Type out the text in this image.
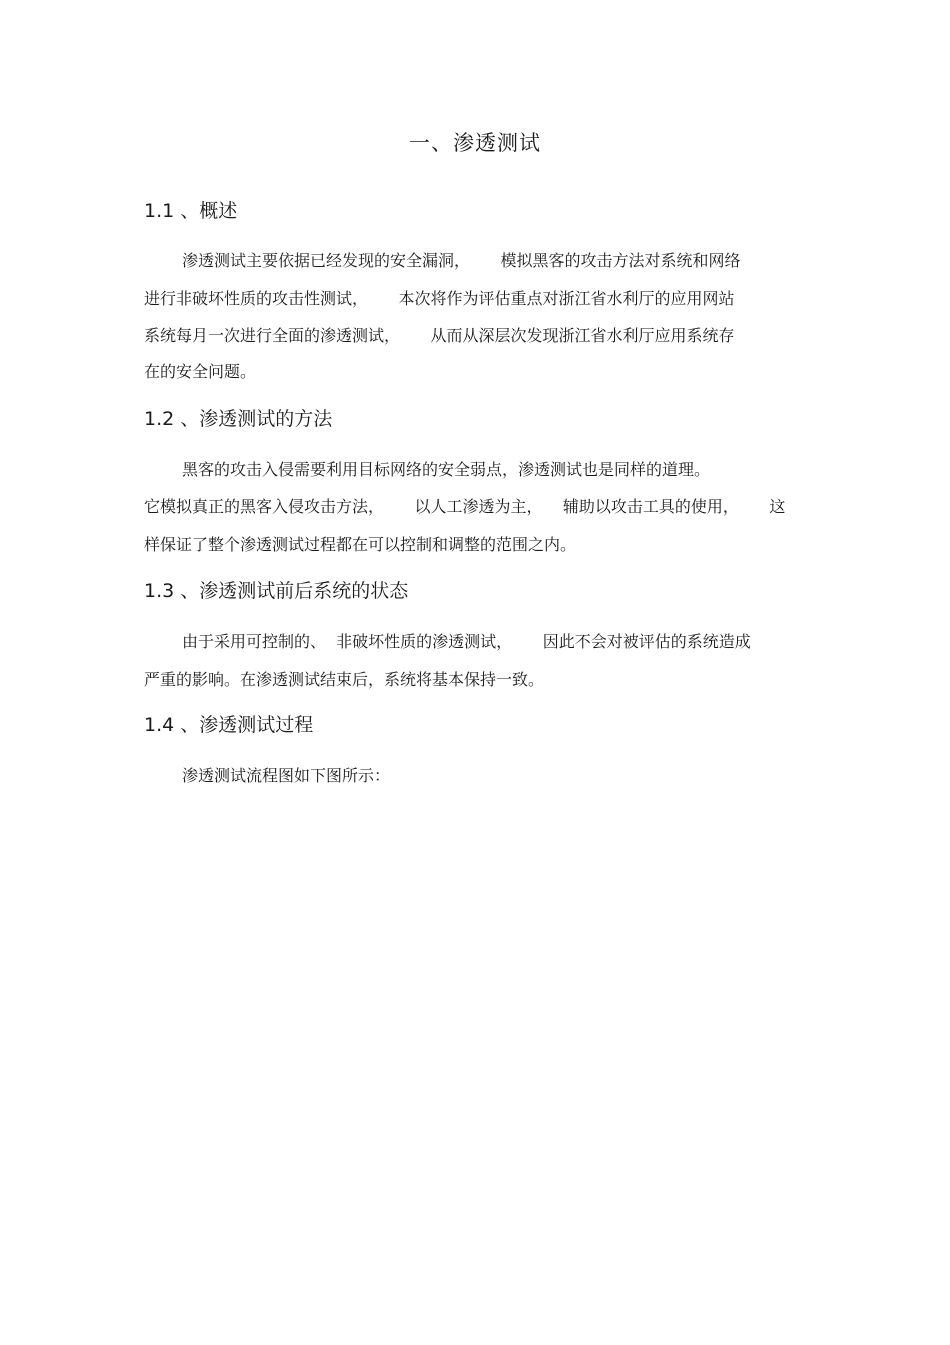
一、渗透测试
1.1 、概述
渗透测试主要依据已经发现的安全漏洞，      模拟黑客的攻击方法对系统和网络
进行非破坏性质的攻击性测试，      本次将作为评估重点对浙江省水利厅的应用网站
系统每月一次进行全面的渗透测试，      从而从深层次发现浙江省水利厅应用系统存
在的安全问题。
1.2 、渗透测试的方法
黑客的攻击入侵需要利用目标网络的安全弱点，渗透测试也是同样的道理。
它模拟真正的黑客入侵攻击方法，      以人工渗透为主，    辅助以攻击工具的使用，      这
样保证了整个渗透测试过程都在可以控制和调整的范围之内。
1.3 、渗透测试前后系统的状态
由于采用可控制的、  非破坏性质的渗透测试，      因此不会对被评估的系统造成
严重的影响。在渗透测试结束后，系统将基本保持一致。
1.4 、渗透测试过程
渗透测试流程图如下图所示：
